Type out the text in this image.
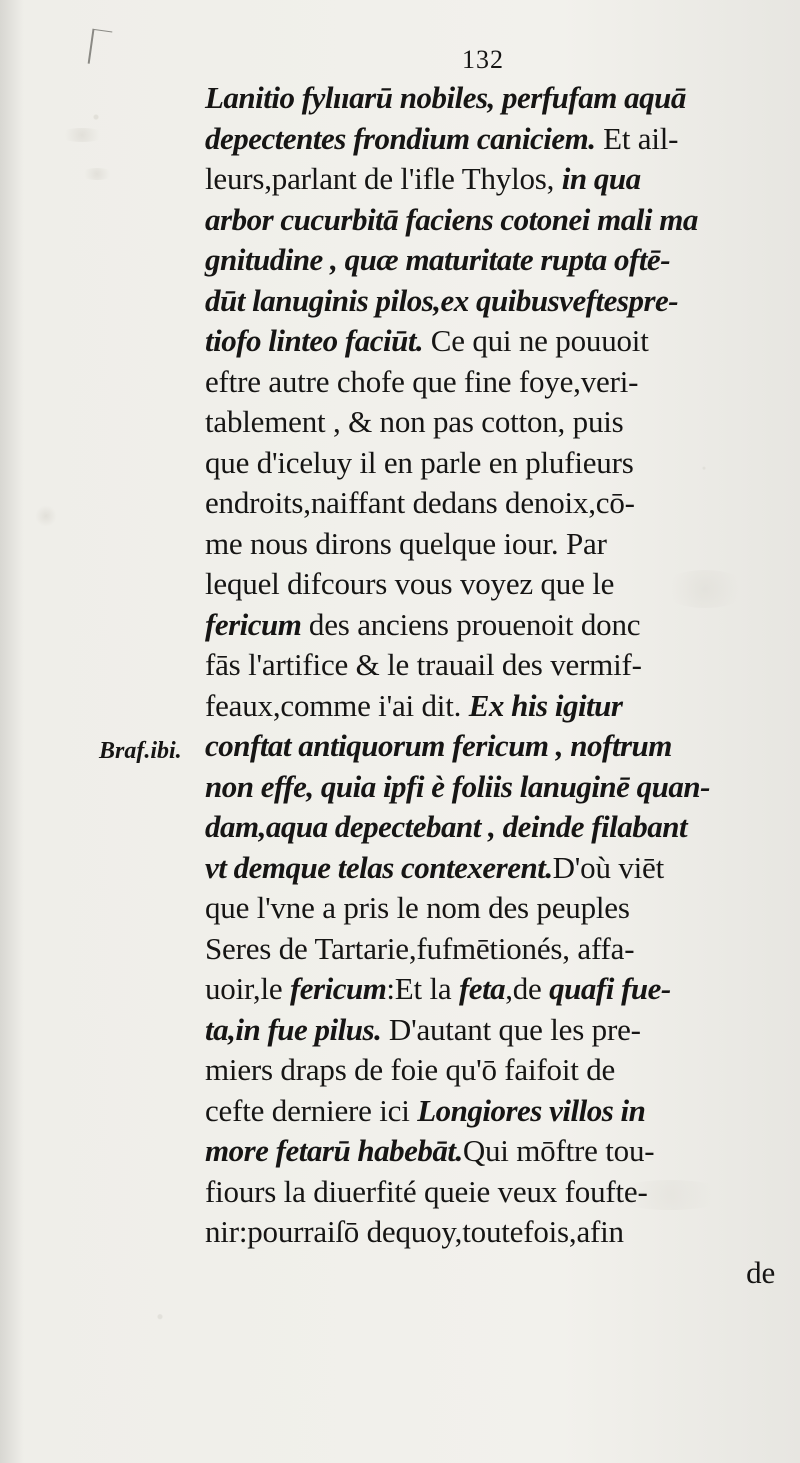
132
Braf.ibi.
Lanitio fylııarū nobiles, perfufam aquā
depectentes frondium caniciem. Et ail-
leurs,parlant de l'ifle Thylos, in qua
arbor cucurbitā faciens cotonei mali ma
gnitudine , quæ maturitate rupta oftē-
dūt lanuginis pilos,ex quibusveftespre-
tiofo linteo faciūt. Ce qui ne pouuoit
eftre autre chofe que fine foye,veri-
tablement , & non pas cotton, puis
que d'iceluy il en parle en plufieurs
endroits,naiffant dedans denoix,cō-
me nous dirons quelque iour. Par
lequel difcours vous voyez que le
fericum des anciens prouenoit donc
fās l'artifice & le trauail des vermif-
feaux,comme i'ai dit. Ex his igitur
conftat antiquorum fericum , noftrum
non effe, quia ipfi è foliis lanuginē quan-
dam,aqua depectebant , deinde filabant
vt demque telas contexerent.D'où viēt
que l'vne a pris le nom des peuples
Seres de Tartarie,fufmētionés, affa-
uoir,le fericum:Et la feta,de quafi fue-
ta,in fue pilus. D'autant que les pre-
miers draps de foie qu'ō faifoit de
cefte derniere ici Longiores villos in
more fetarū habebāt.Qui mōftre tou-
fiours la diuerfité queie veux foufte-
nir:pourraiſō dequoy,toutefois,afin
de
